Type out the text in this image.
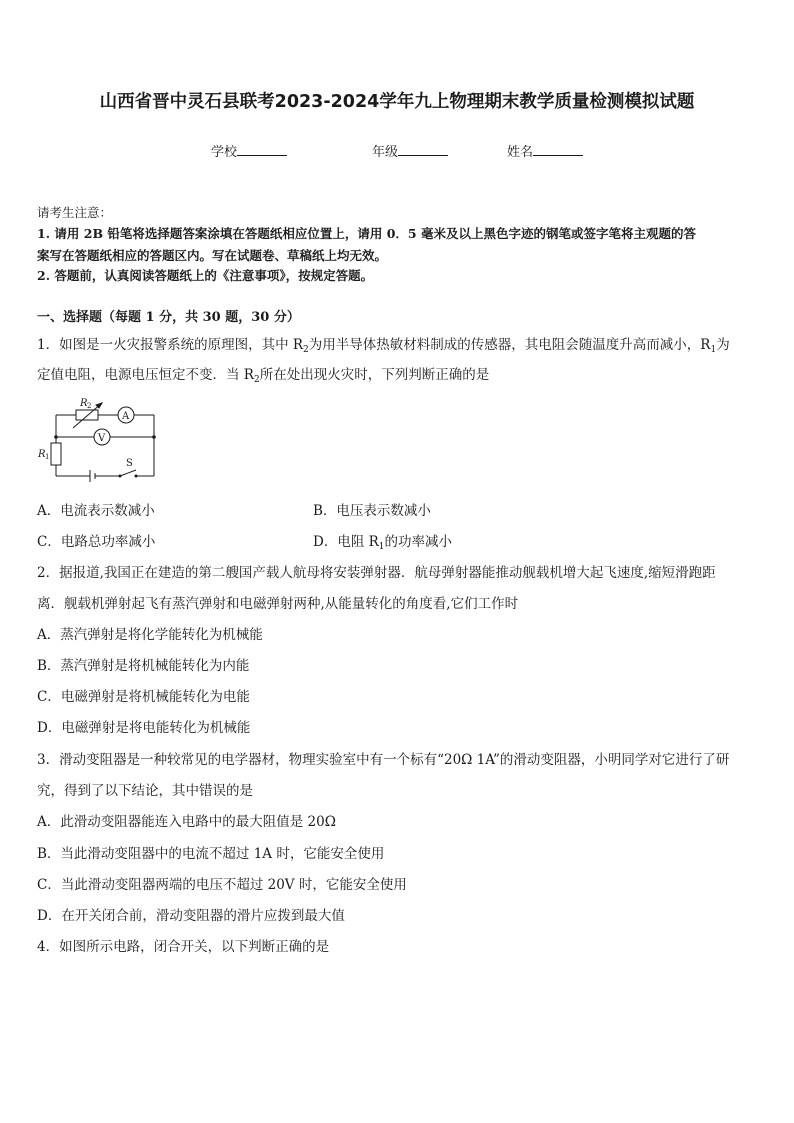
山西省晋中灵石县联考2023-2024学年九上物理期末教学质量检测模拟试题
学校	年级	姓名
请考生注意：
1. 请用 2B 铅笔将选择题答案涂填在答题纸相应位置上，请用 0．5 毫米及以上黑色字迹的钢笔或签字笔将主观题的答
案写在答题纸相应的答题区内。写在试题卷、草稿纸上均无效。
2. 答题前，认真阅读答题纸上的《注意事项》，按规定答题。
一、选择题（每题 1 分，共 30 题，30 分）
1．如图是一火灾报警系统的原理图，其中 $R_2$为用半导体热敏材料制成的传感器，其电阻会随温度升高而减小，$R_1$为
定值电阻，电源电压恒定不变．当 $R_2$所在处出现火灾时，下列判断正确的是
R 2
R 1
A
V
S
A．电流表示数减小	B．电压表示数减小
C．电路总功率减小	D．电阻 $R_1$的功率减小
2．据报道,我国正在建造的第二艘国产载人航母将安装弹射器．航母弹射器能推动舰载机增大起飞速度,缩短滑跑距
离．舰载机弹射起飞有蒸汽弹射和电磁弹射两种,从能量转化的角度看,它们工作时
A．蒸汽弹射是将化学能转化为机械能
B．蒸汽弹射是将机械能转化为内能
C．电磁弹射是将机械能转化为电能
D．电磁弹射是将电能转化为机械能
3．滑动变阻器是一种较常见的电学器材，物理实验室中有一个标有“20Ω 1A”的滑动变阻器，小明同学对它进行了研
究，得到了以下结论，其中错误的是
A．此滑动变阻器能连入电路中的最大阻值是 20Ω
B．当此滑动变阻器中的电流不超过 1A 时，它能安全使用
C．当此滑动变阻器两端的电压不超过 20V 时，它能安全使用
D．在开关闭合前，滑动变阻器的滑片应拨到最大值
4．如图所示电路，闭合开关，以下判断正确的是
